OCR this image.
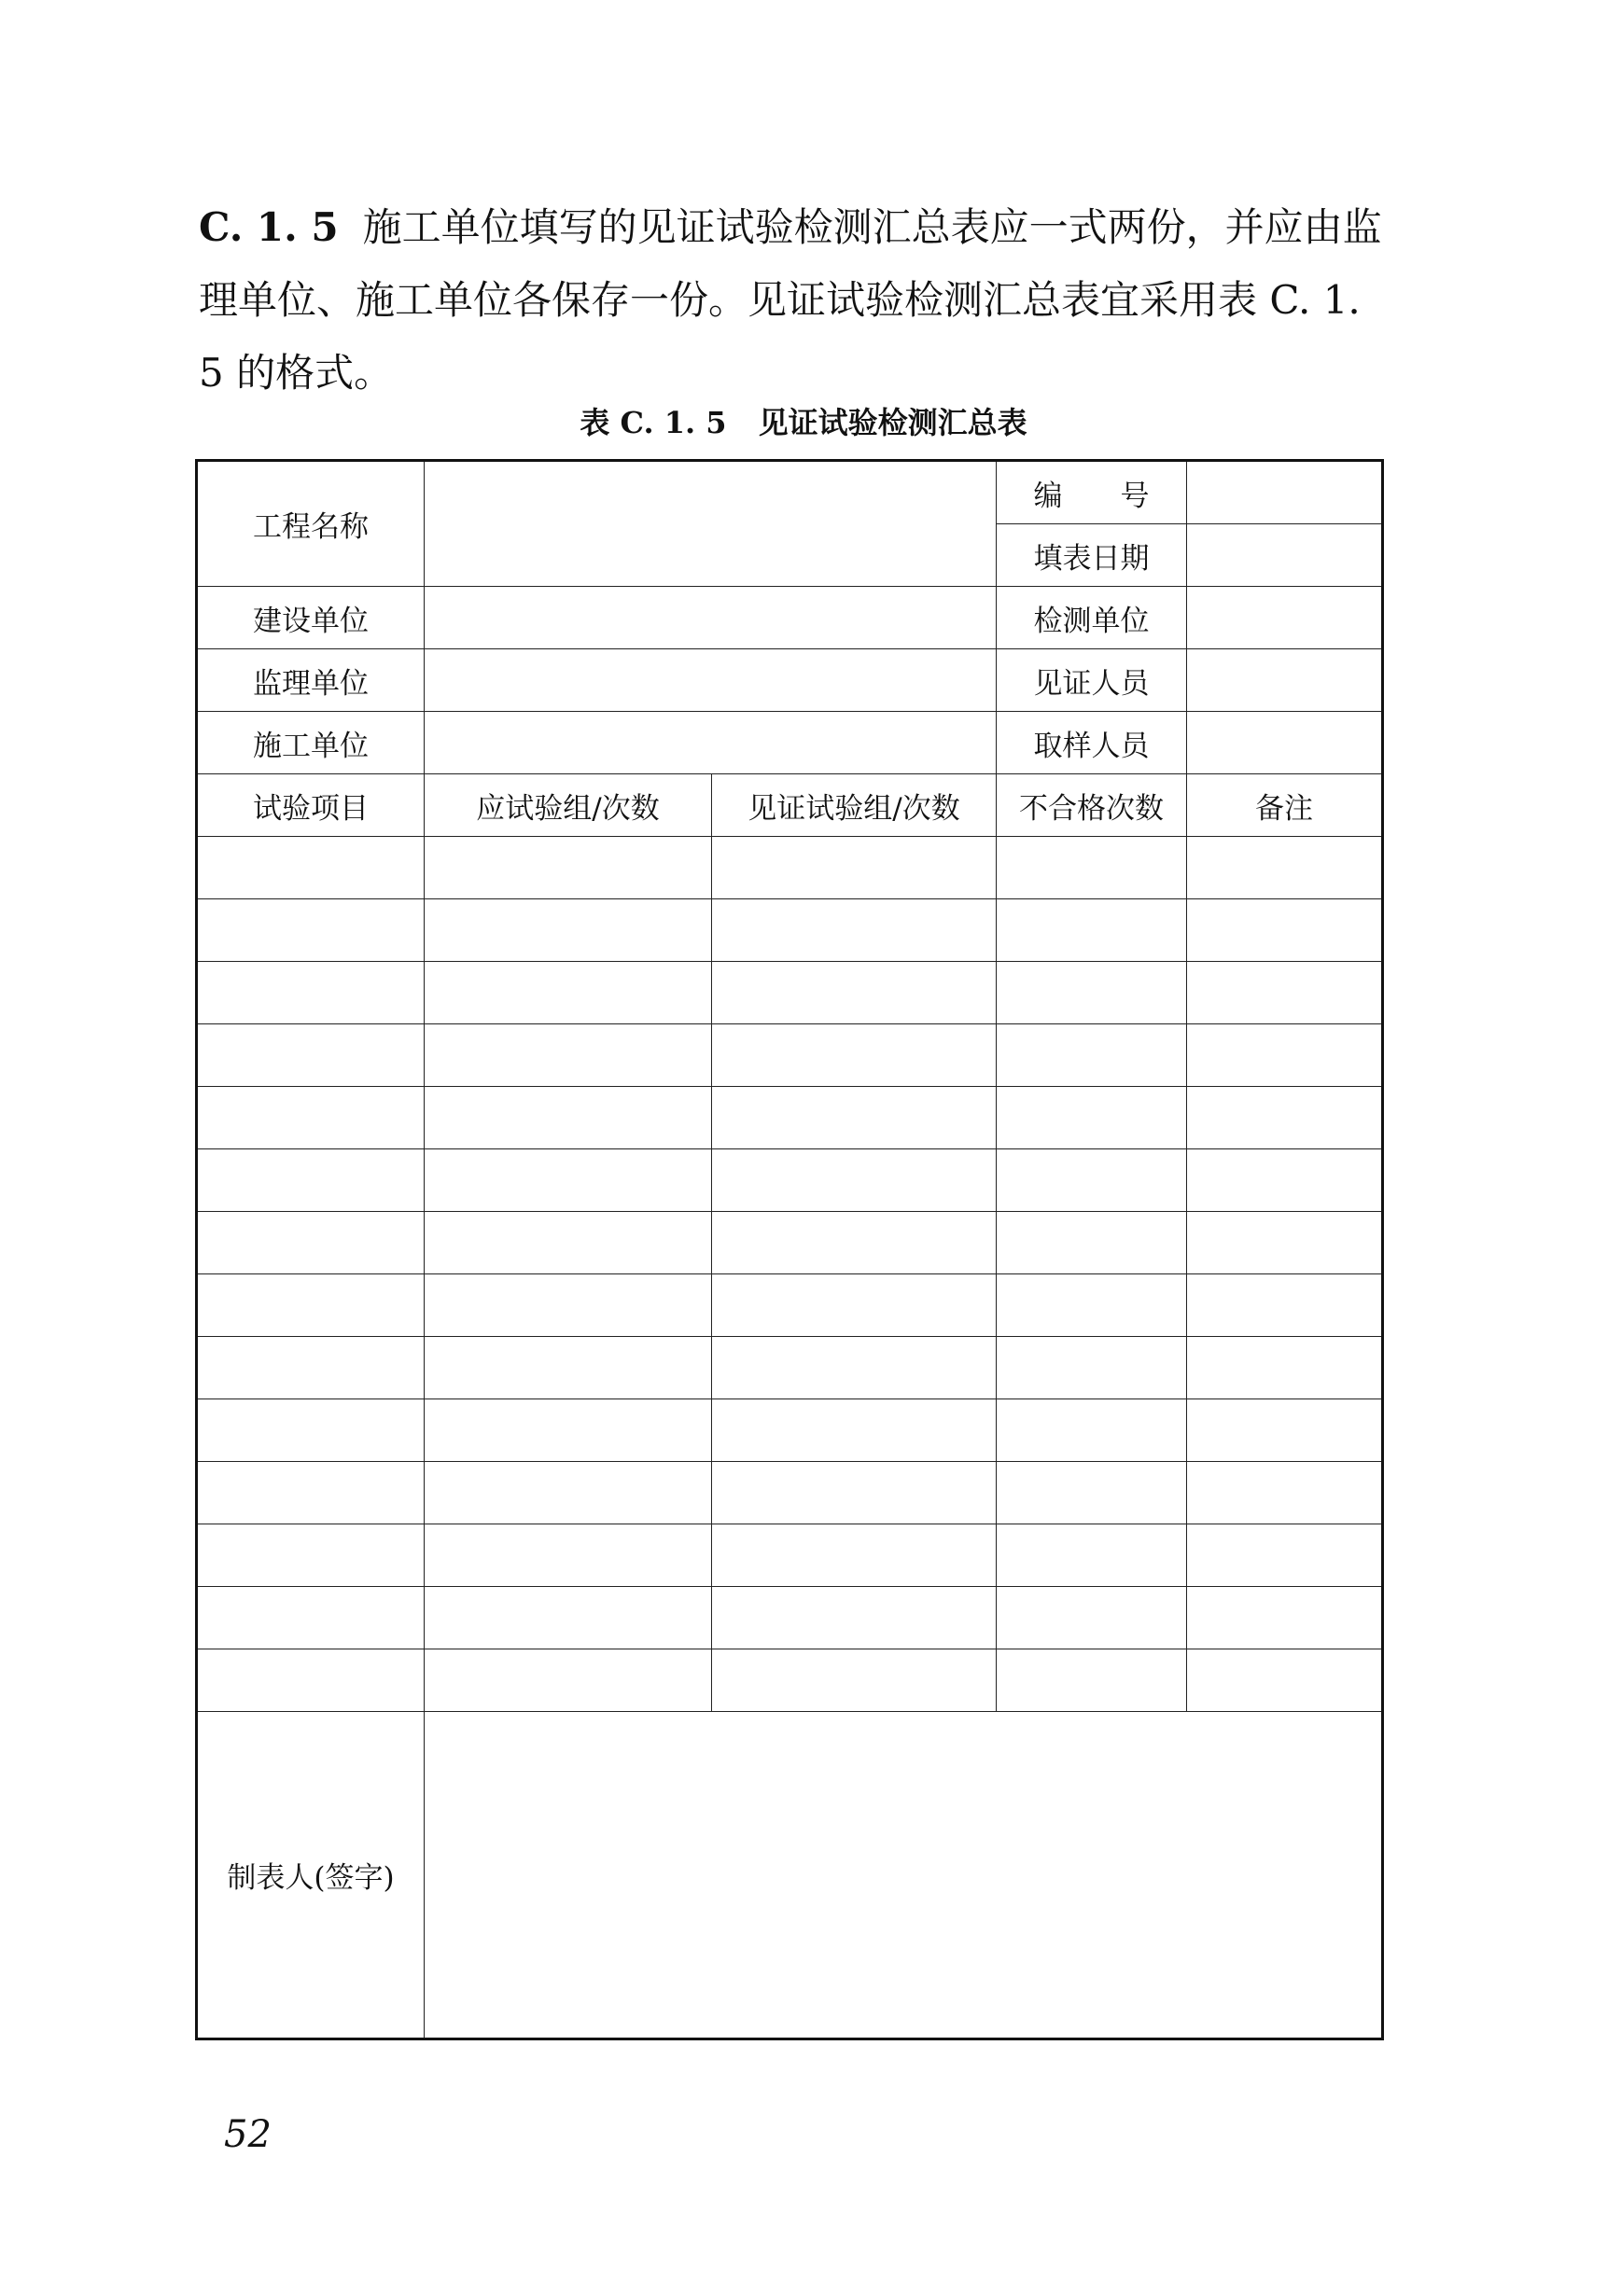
C. 1. 5 施工单位填写的见证试验检测汇总表应一式两份，并应由监理单位、施工单位各保存一份。见证试验检测汇总表宜采用表 C. 1. 5 的格式。

表 C. 1. 5 见证试验检测汇总表

工程名称			编　　号	
			填表日期	
建设单位			检测单位	
监理单位			见证人员	
施工单位			取样人员	
试验项目	应试验组/次数	见证试验组/次数	不合格次数	备注

制表人(签字)				

52
